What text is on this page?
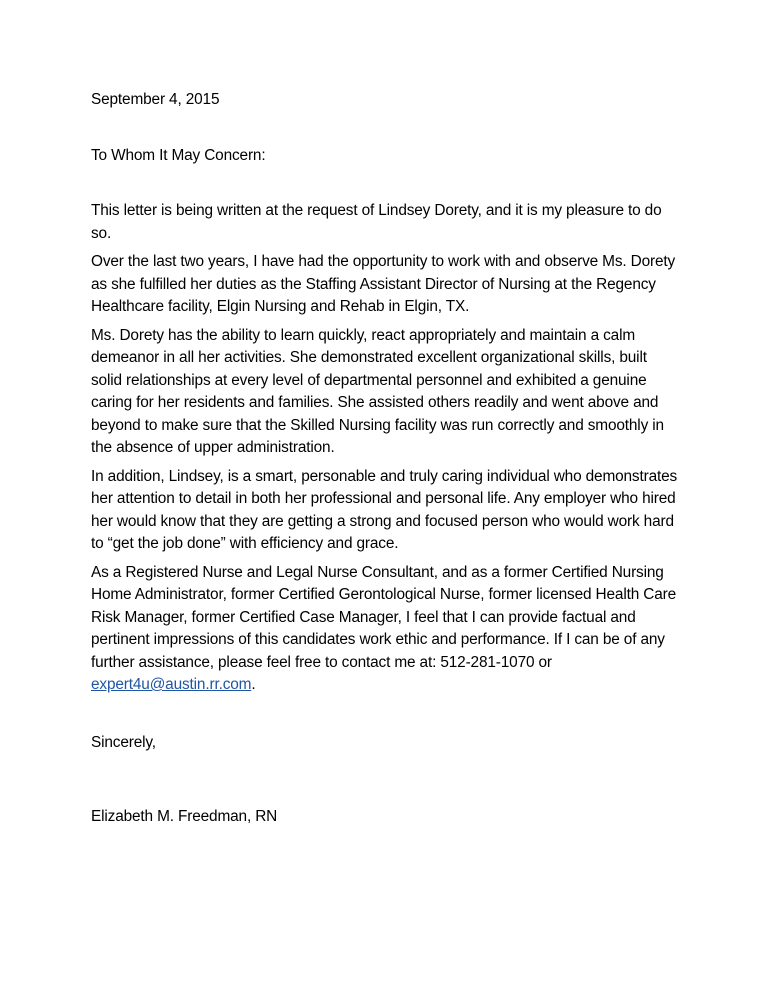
September 4, 2015

To Whom It May Concern:

This letter is being written at the request of Lindsey Dorety, and it is my pleasure to do so.

Over the last two years, I have had the opportunity to work with and observe Ms. Dorety as she fulfilled her duties as the Staffing Assistant Director of Nursing at the Regency Healthcare facility, Elgin Nursing and Rehab in Elgin, TX.

Ms. Dorety has the ability to learn quickly, react appropriately and maintain a calm demeanor in all her activities. She demonstrated excellent organizational skills, built solid relationships at every level of departmental personnel and exhibited a genuine caring for her residents and families. She assisted others readily and went above and beyond to make sure that the Skilled Nursing facility was run correctly and smoothly in the absence of upper administration.

In addition, Lindsey, is a smart, personable and truly caring individual who demonstrates her attention to detail in both her professional and personal life. Any employer who hired her would know that they are getting a strong and focused person who would work hard to “get the job done” with efficiency and grace.

As a Registered Nurse and Legal Nurse Consultant, and as a former Certified Nursing Home Administrator, former Certified Gerontological Nurse, former licensed Health Care Risk Manager, former Certified Case Manager, I feel that I can provide factual and pertinent impressions of this candidates work ethic and performance. If I can be of any further assistance, please feel free to contact me at: 512-281-1070 or expert4u@austin.rr.com.

Sincerely,

Elizabeth M. Freedman, RN
